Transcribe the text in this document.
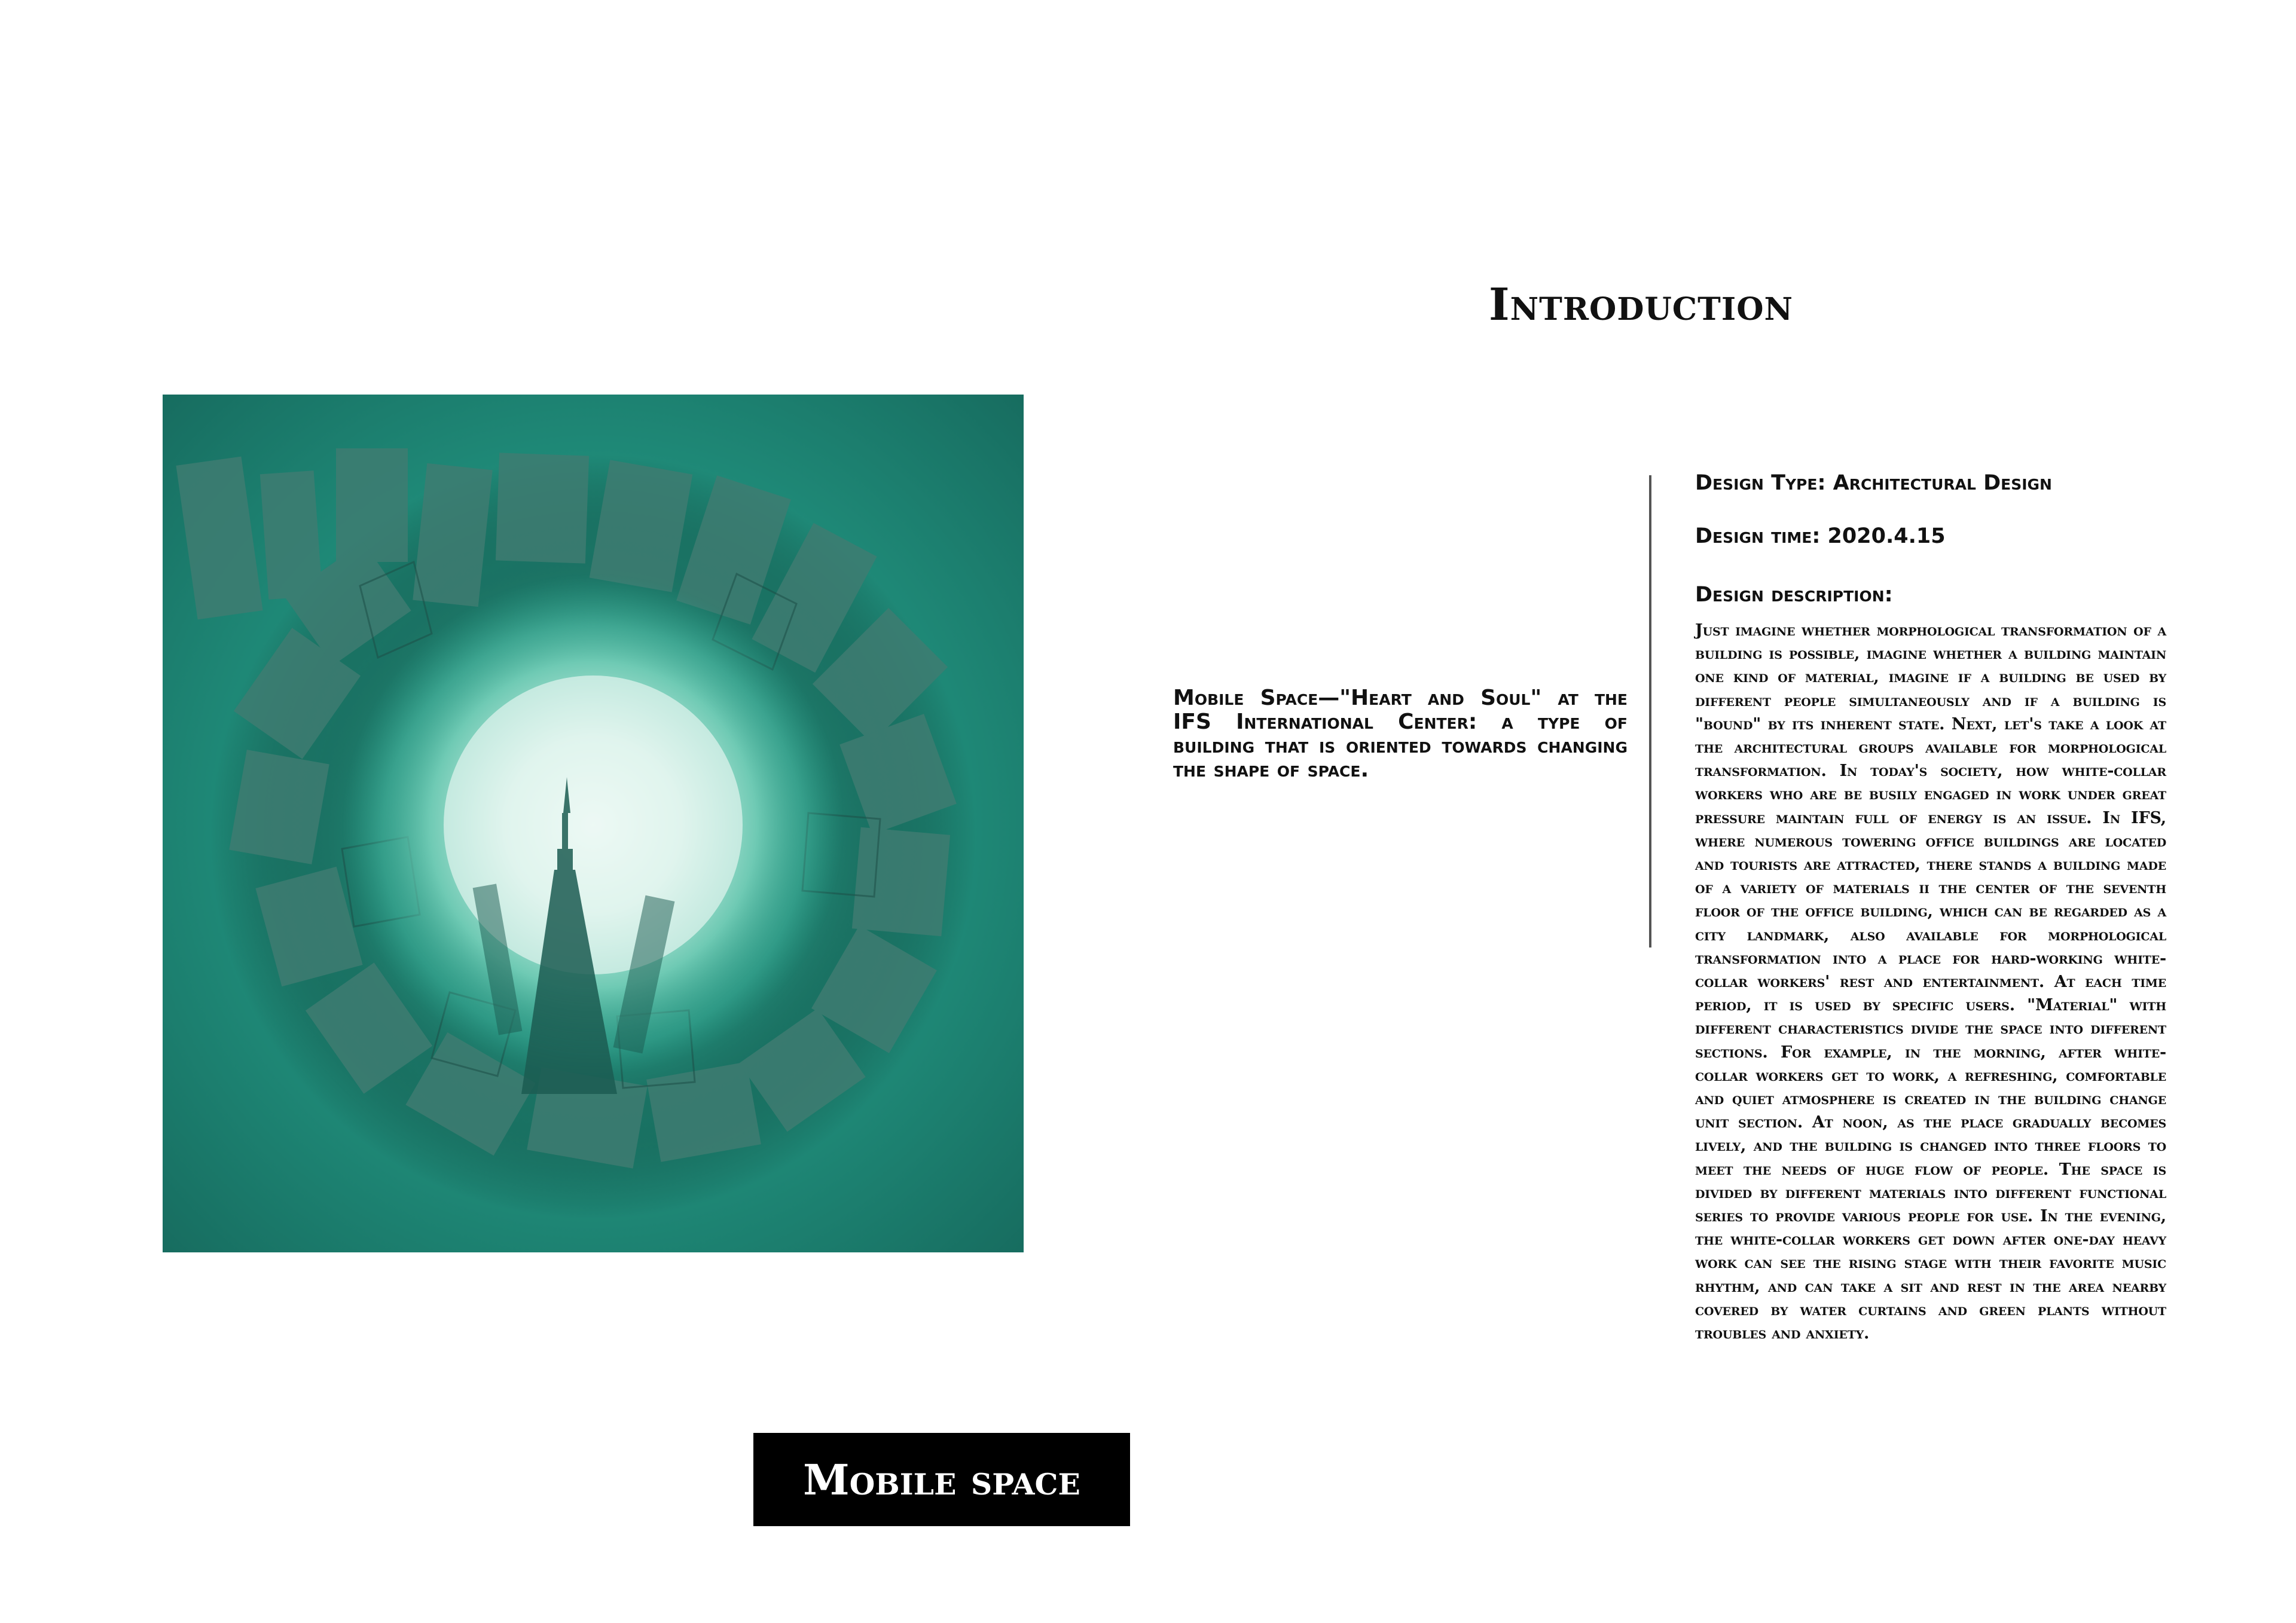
Introduction
Mobile Space—"Heart and Soul" at the IFS International Center: a type of building that is oriented towards changing the shape of space.
Design Type: Architectural Design
Design time: 2020.4.15
Design description:
Just imagine whether morphological transformation of a building is possible, imagine whether a building maintain one kind of material, imagine if a building be used by different people simultaneously and if a building is "bound" by its inherent state. Next, let's take a look at the architectural groups available for morphological transformation. In today's society, how white-collar workers who are be busily engaged in work under great pressure maintain full of energy is an issue. In IFS, where numerous towering office buildings are located and tourists are attracted, there stands a building made of a variety of materials ii the center of the seventh floor of the office building, which can be regarded as a city landmark, also available for morphological transformation into a place for hard-working white-collar workers' rest and entertainment. At each time period, it is used by specific users. "Material" with different characteristics divide the space into different sections. For example, in the morning, after white-collar workers get to work, a refreshing, comfortable and quiet atmosphere is created in the building change unit section. At noon, as the place gradually becomes lively, and the building is changed into three floors to meet the needs of huge flow of people. The space is divided by different materials into different functional series to provide various people for use. In the evening, the white-collar workers get down after one-day heavy work can see the rising stage with their favorite music rhythm, and can take a sit and rest in the area nearby covered by water curtains and green plants without troubles and anxiety.
Mobile space
